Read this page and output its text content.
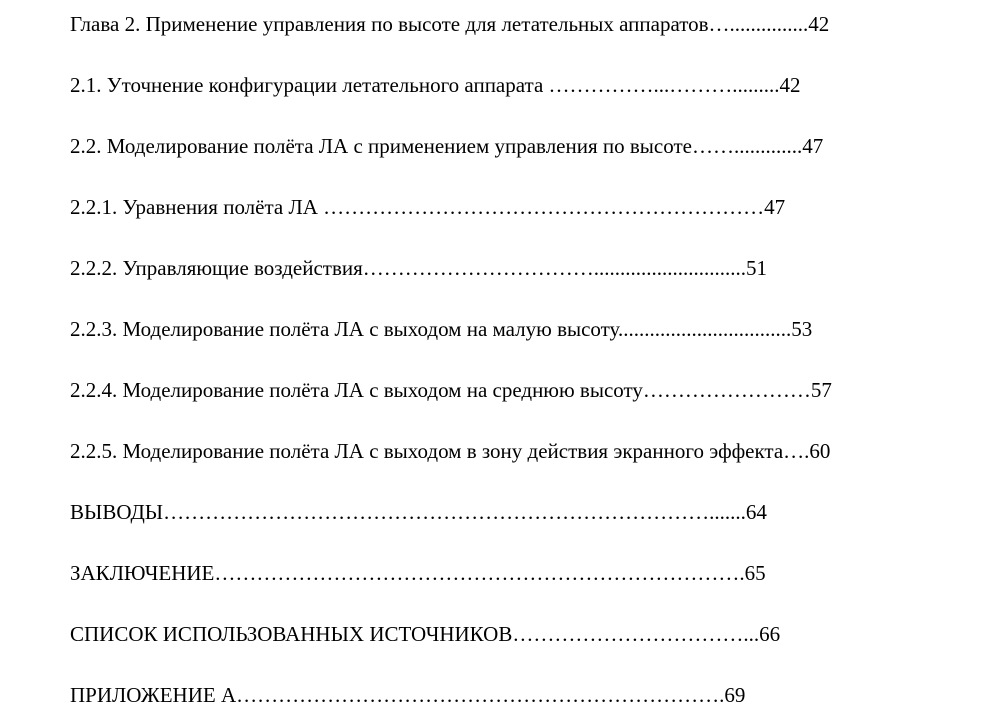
Глава 2. Применение управления по высоте для летательных аппаратов…...............42
2.1. Уточнение конфигурации летательного аппарата ……………...……….........42
2.2. Моделирование полёта ЛА с применением управления по высоте…….............47
2.2.1. Уравнения полёта ЛА ………………………………………………………47
2.2.2. Управляющие воздействия…………………………….............................51
2.2.3. Моделирование полёта ЛА с выходом на малую высоту.................................53
2.2.4. Моделирование полёта ЛА с выходом на среднюю высоту……………………57
2.2.5. Моделирование полёта ЛА с выходом в зону действия экранного эффекта….60
ВЫВОДЫ…………………………………………………………………….......64
ЗАКЛЮЧЕНИЕ………………………………………………………………….65
СПИСОК ИСПОЛЬЗОВАННЫХ ИСТОЧНИКОВ……………………………...66
ПРИЛОЖЕНИЕ А…………………………………………………………….69
